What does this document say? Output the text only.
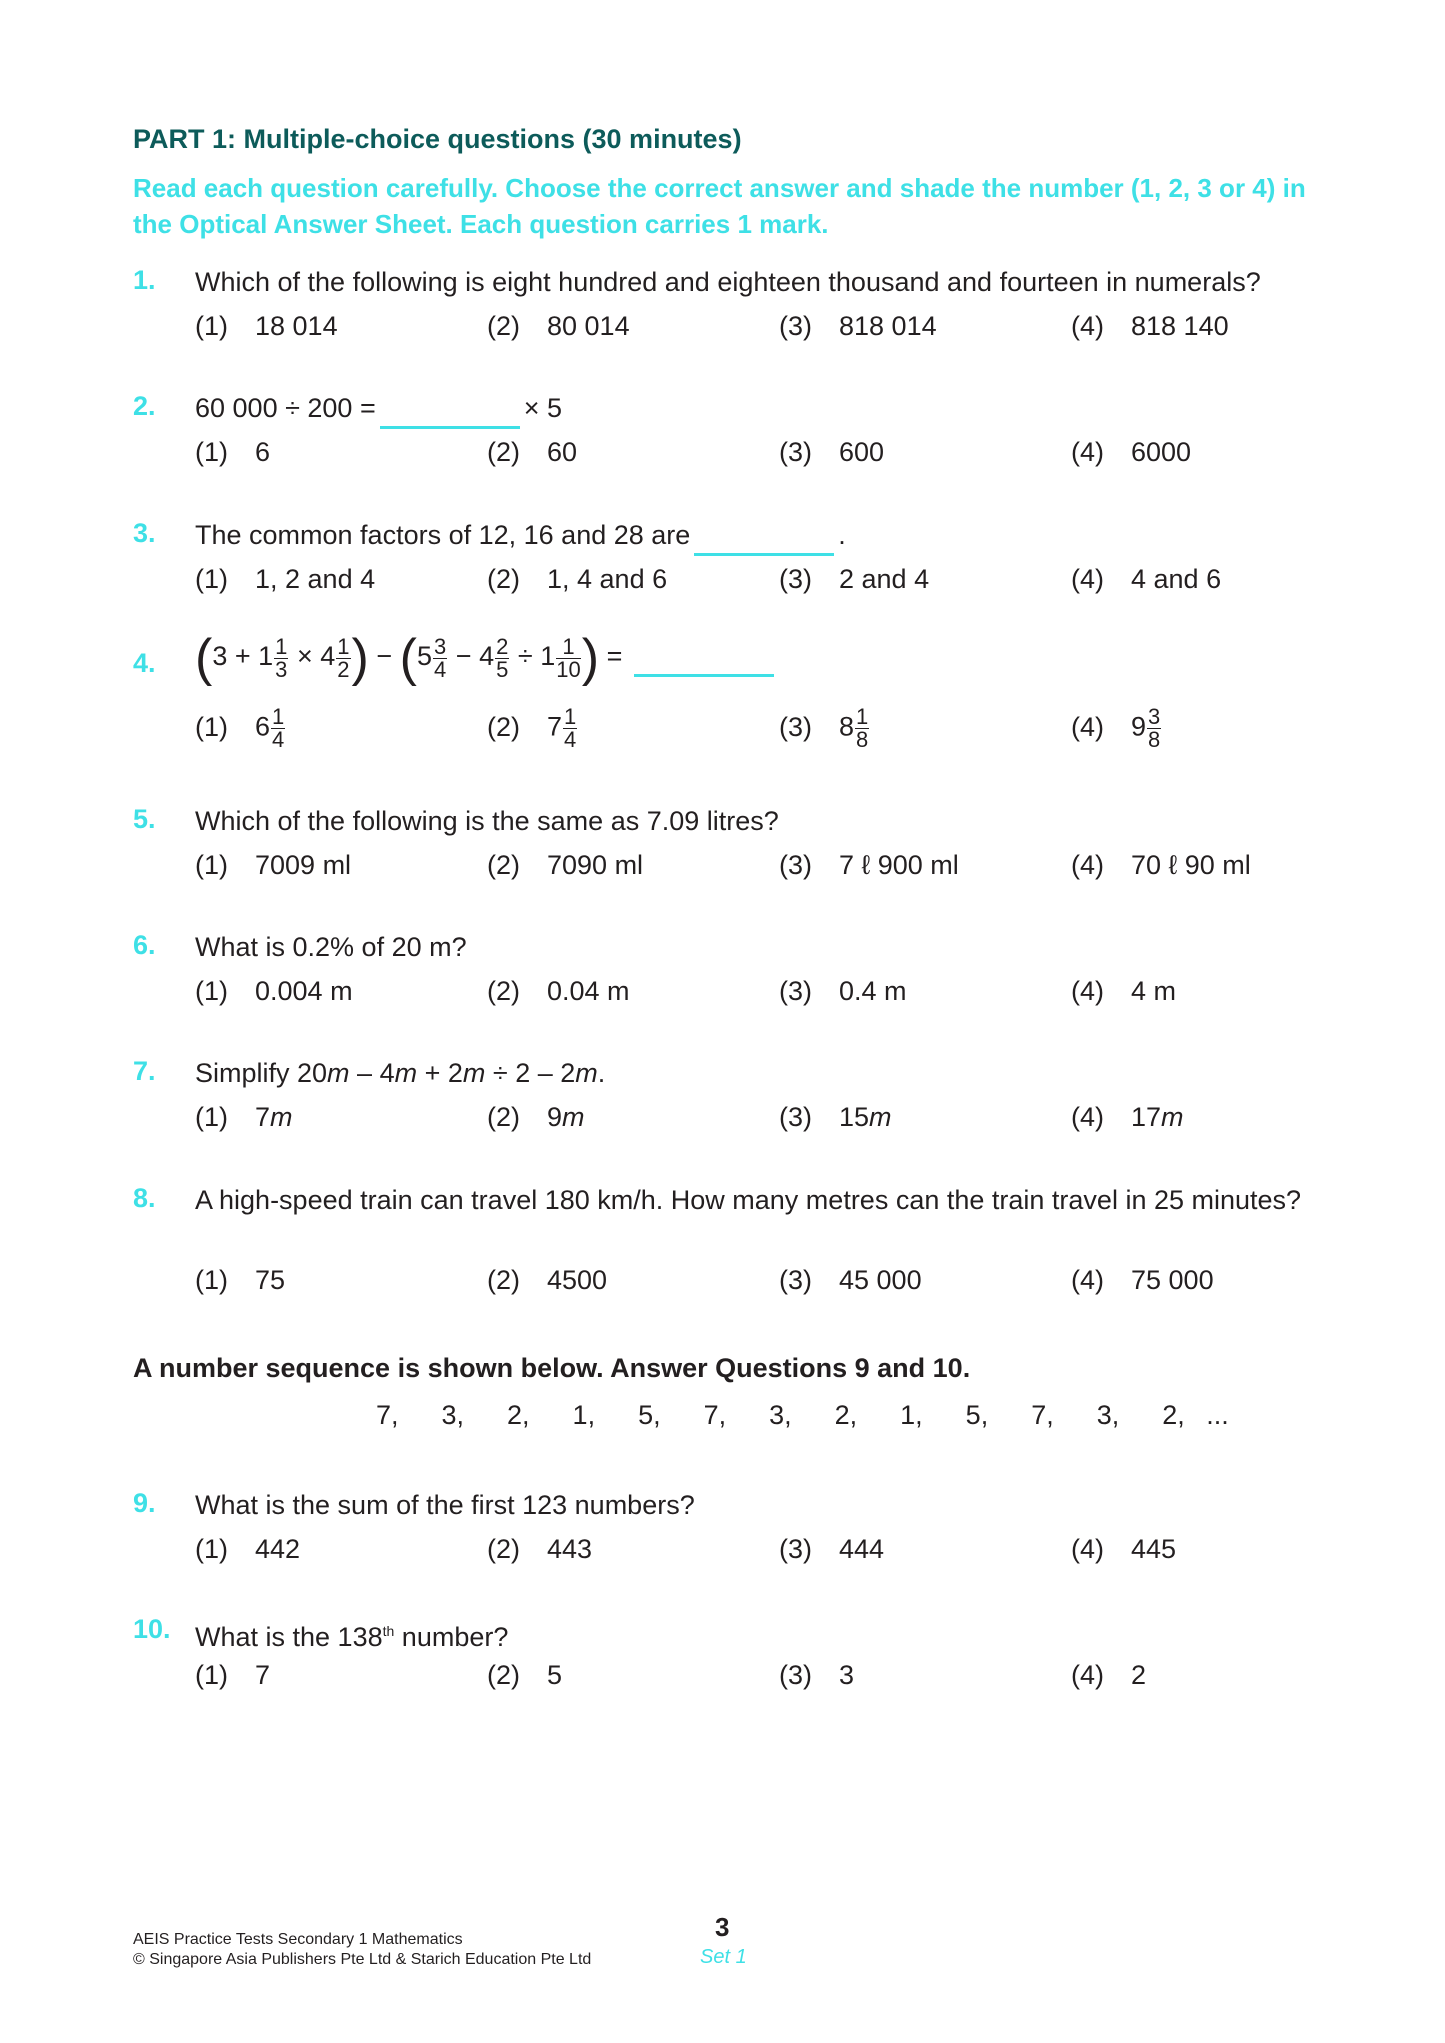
PART 1: Multiple-choice questions (30 minutes)
Read each question carefully. Choose the correct answer and shade the number (1, 2, 3 or 4) in the Optical Answer Sheet. Each question carries 1 mark.
1. Which of the following is eight hundred and eighteen thousand and fourteen in numerals?
(1) 18 014	(2) 80 014	(3) 818 014	(4) 818 140
2. 60 000 ÷ 200 =	× 5
(1) 6	(2) 60	(3) 600	(4) 6000
3. The common factors of 12, 16 and 28 are	.
(1) 1, 2 and 4	(2) 1, 4 and 6	(3) 2 and 4	(4) 4 and 6
4. ($3 + 1 \frac{1}{3} \times 4 \frac{1}{2}$ ) − ($5 \frac{3}{4} - 4 \frac{2}{5} \div 1 \frac{1}{10}$ ) =
(1) $6 \frac{1}{4}$	(2) $7 \frac{1}{4}$	(3) $8 \frac{1}{8}$	(4) $9 \frac{3}{8}$
5. Which of the following is the same as 7.09 litres?
(1) 7009 ml	(2) 7090 ml	(3) 7 ℓ 900 ml	(4) 70 ℓ 90 ml
6. What is 0.2% of 20 m?
(1) 0.004 m	(2) 0.04 m	(3) 0.4 m	(4) 4 m
7. Simplify 20m – 4m + 2m ÷ 2 – 2m.
(1) 7m	(2) 9m	(3) 15m	(4) 17m
8. A high-speed train can travel 180 km/h. How many metres can the train travel in 25 minutes?
(1) 75	(2) 4500	(3) 45 000	(4) 75 000
A number sequence is shown below. Answer Questions 9 and 10.
7,  3,  2,  1,  5,  7,  3,  2,  1,  5,  7,  3,  2, ...
9. What is the sum of the first 123 numbers?
(1) 442	(2) 443	(3) 444	(4) 445
10. What is the 138th number?
(1) 7	(2) 5	(3) 3	(4) 2
AEIS Practice Tests Secondary 1 Mathematics
© Singapore Asia Publishers Pte Ltd & Starich Education Pte Ltd
3
Set 1
